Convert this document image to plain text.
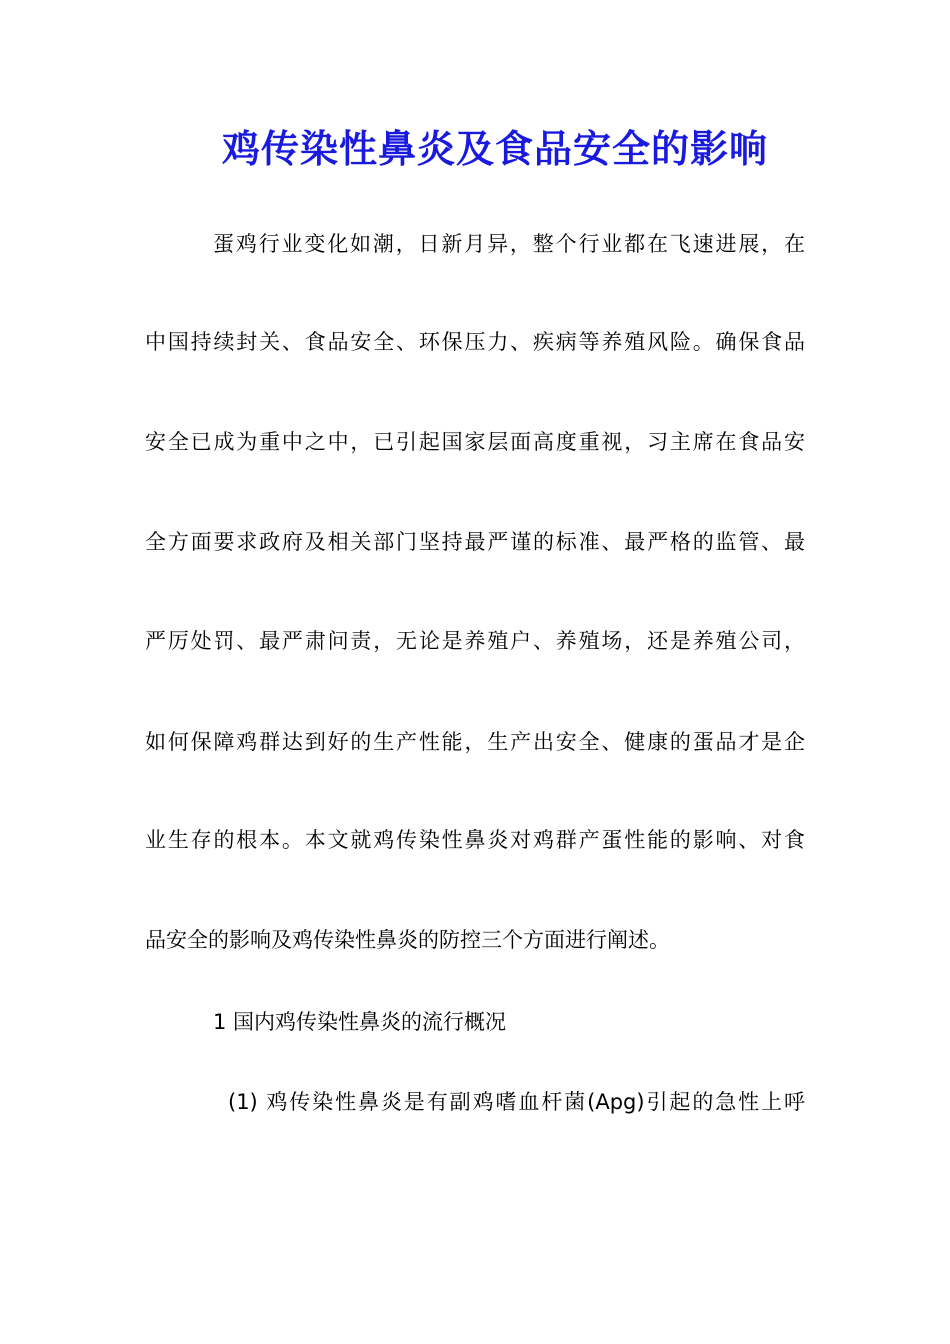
鸡传染性鼻炎及食品安全的影响
蛋鸡行业变化如潮，日新月异，整个行业都在飞速进展，在
中国持续封关、食品安全、环保压力、疾病等养殖风险。确保食品
安全已成为重中之中，已引起国家层面高度重视，习主席在食品安
全方面要求政府及相关部门坚持最严谨的标准、最严格的监管、最
严厉处罚、最严肃问责，无论是养殖户、养殖场，还是养殖公司，
如何保障鸡群达到好的生产性能，生产出安全、健康的蛋品才是企
业生存的根本。本文就鸡传染性鼻炎对鸡群产蛋性能的影响、对食
品安全的影响及鸡传染性鼻炎的防控三个方面进行阐述。
1 国内鸡传染性鼻炎的流行概况
(1) 鸡传染性鼻炎是有副鸡嗜血杆菌(Apg)引起的急性上呼
